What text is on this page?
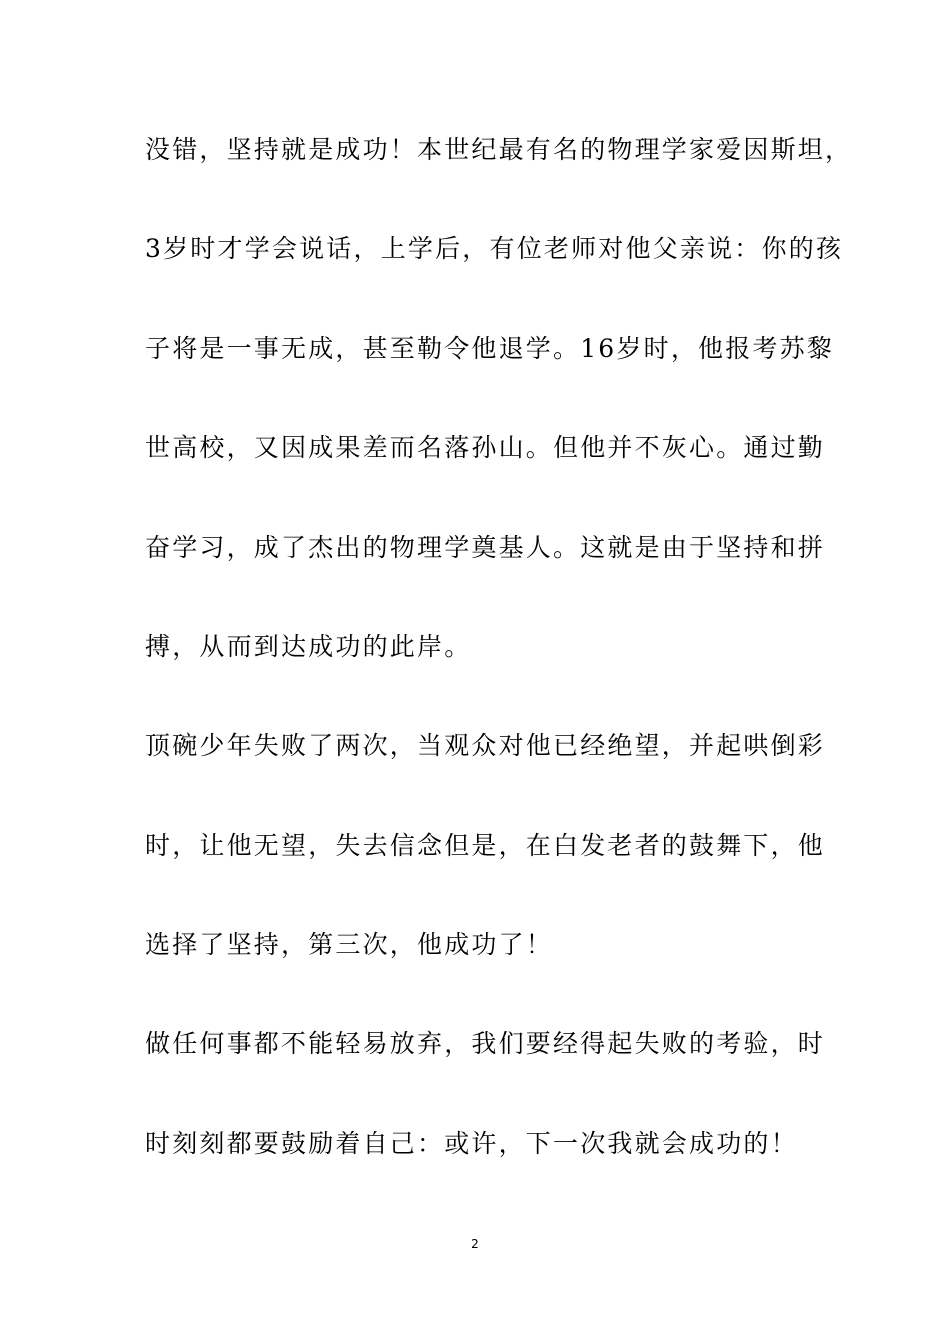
没错，坚持就是成功！本世纪最有名的物理学家爱因斯坦，
3岁时才学会说话，上学后，有位老师对他父亲说：你的孩
子将是一事无成，甚至勒令他退学。16岁时，他报考苏黎
世高校，又因成果差而名落孙山。但他并不灰心。通过勤
奋学习，成了杰出的物理学奠基人。这就是由于坚持和拼
搏，从而到达成功的此岸。
顶碗少年失败了两次，当观众对他已经绝望，并起哄倒彩
时，让他无望，失去信念但是，在白发老者的鼓舞下，他
选择了坚持，第三次，他成功了！
做任何事都不能轻易放弃，我们要经得起失败的考验，时
时刻刻都要鼓励着自己：或许，下一次我就会成功的！
2
